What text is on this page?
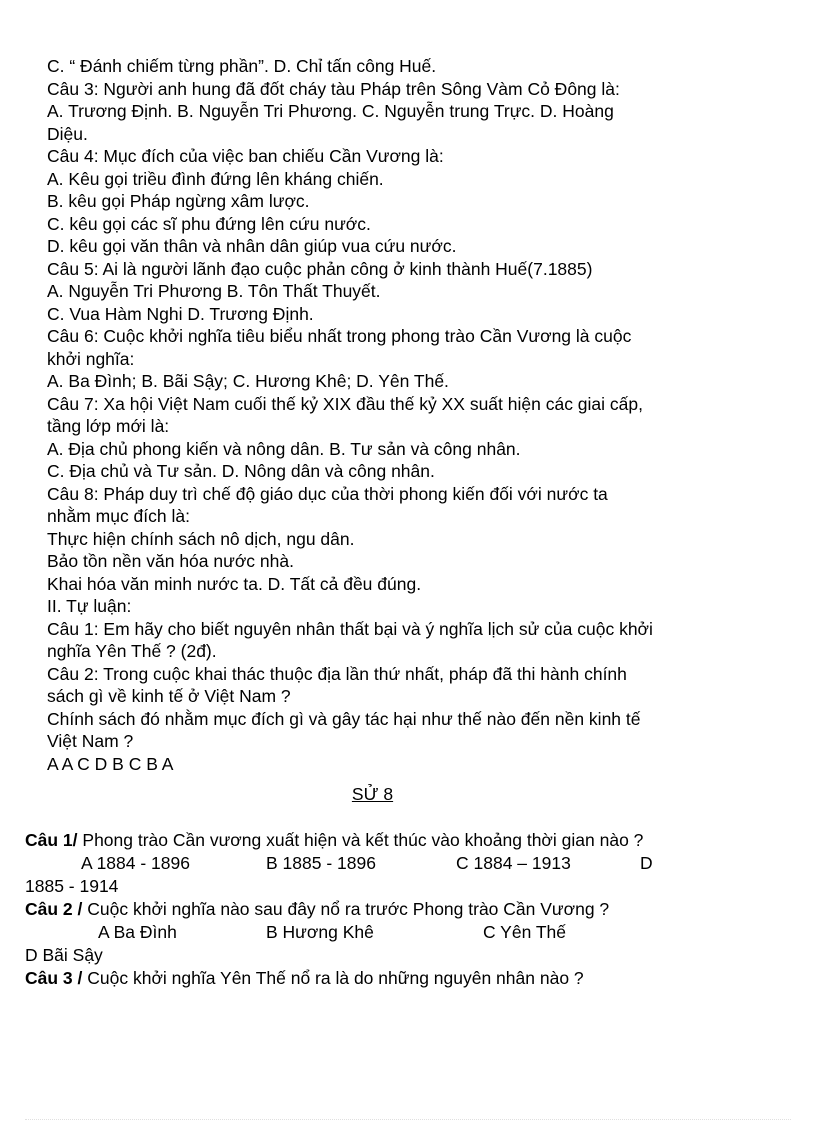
C. “ Đánh chiếm từng phần”. D. Chỉ tấn công Huế.
Câu 3: Người anh hung đã đốt cháy tàu Pháp trên Sông Vàm Cỏ Đông là:
A. Trương Định. B. Nguyễn Tri Phương. C. Nguyễn trung Trực. D. Hoàng
Diệu.
Câu 4: Mục đích của việc ban chiếu Cần Vương là:
A. Kêu gọi triều đình đứng lên kháng chiến.
B. kêu gọi Pháp ngừng xâm lược.
C. kêu gọi các sĩ phu đứng lên cứu nước.
D. kêu gọi văn thân và nhân dân giúp vua cứu nước.
Câu 5: Ai là người lãnh đạo cuộc phản công ở kinh thành Huế(7.1885)
A. Nguyễn Tri Phương B. Tôn Thất Thuyết.
C. Vua Hàm Nghi D. Trương Định.
Câu 6: Cuộc khởi nghĩa tiêu biểu nhất trong phong trào Cần Vương là cuộc
khởi nghĩa:
A. Ba Đình; B. Bãi Sậy; C. Hương Khê; D. Yên Thế.
Câu 7: Xa hội Việt Nam cuối thế kỷ XIX đầu thế kỷ XX suất hiện các giai cấp,
tầng lớp mới là:
A. Địa chủ phong kiến và nông dân. B. Tư sản và công nhân.
C. Địa chủ và Tư sản. D. Nông dân và công nhân.
Câu 8: Pháp duy trì chế độ giáo dục của thời phong kiến đối với nước ta
nhằm mục đích là:
Thực hiện chính sách nô dịch, ngu dân.
Bảo tồn nền văn hóa nước nhà.
Khai hóa văn minh nước ta. D. Tất cả đều đúng.
II. Tự luận:
Câu 1: Em hãy cho biết nguyên nhân thất bại và ý nghĩa lịch sử của cuộc khởi
nghĩa Yên Thế ? (2đ).
Câu 2: Trong cuộc khai thác thuộc địa lần thứ nhất, pháp đã thi hành chính
sách gì về kinh tế ở Việt Nam ?
Chính sách đó nhằm mục đích gì và gây tác hại như thế nào đến nền kinh tế
Việt Nam ?
A A C D B C B A
SỬ 8
Câu 1/ Phong trào Cần vương xuất hiện và kết thúc vào khoảng thời gian nào ?
A 1884 - 1896	B 1885 - 1896	C 1884 – 1913	D
1885 - 1914
Câu 2 / Cuộc khởi nghĩa nào sau đây nổ ra trước Phong trào Cần Vương ?
A Ba Đình	B Hương Khê	C Yên Thế
D Bãi Sậy
Câu 3 / Cuộc khởi nghĩa Yên Thế nổ ra là do những nguyên nhân nào ?
